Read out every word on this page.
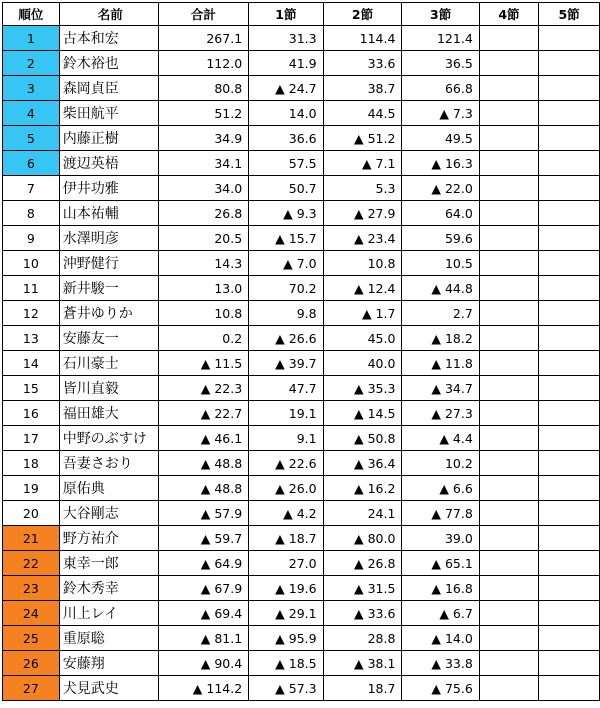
順位	名前	合計	1節	2節	3節	4節	5節
1	古本和宏	267.1	31.3	114.4	121.4		
2	鈴木裕也	112.0	41.9	33.6	36.5		
3	森岡貞臣	80.8	▲ 24.7	38.7	66.8		
4	柴田航平	51.2	14.0	44.5	▲ 7.3		
5	内藤正樹	34.9	36.6	▲ 51.2	49.5		
6	渡辺英梧	34.1	57.5	▲ 7.1	▲ 16.3		
7	伊井功雅	34.0	50.7	5.3	▲ 22.0		
8	山本祐輔	26.8	▲ 9.3	▲ 27.9	64.0		
9	水澤明彦	20.5	▲ 15.7	▲ 23.4	59.6		
10	沖野健行	14.3	▲ 7.0	10.8	10.5		
11	新井駿一	13.0	70.2	▲ 12.4	▲ 44.8		
12	蒼井ゆりか	10.8	9.8	▲ 1.7	2.7		
13	安藤友一	0.2	▲ 26.6	45.0	▲ 18.2		
14	石川豪士	▲ 11.5	▲ 39.7	40.0	▲ 11.8		
15	皆川直毅	▲ 22.3	47.7	▲ 35.3	▲ 34.7		
16	福田雄大	▲ 22.7	19.1	▲ 14.5	▲ 27.3		
17	中野のぶすけ	▲ 46.1	9.1	▲ 50.8	▲ 4.4		
18	吾妻さおり	▲ 48.8	▲ 22.6	▲ 36.4	10.2		
19	原佑典	▲ 48.8	▲ 26.0	▲ 16.2	▲ 6.6		
20	大谷剛志	▲ 57.9	▲ 4.2	24.1	▲ 77.8		
21	野方祐介	▲ 59.7	▲ 18.7	▲ 80.0	39.0		
22	東幸一郎	▲ 64.9	27.0	▲ 26.8	▲ 65.1		
23	鈴木秀幸	▲ 67.9	▲ 19.6	▲ 31.5	▲ 16.8		
24	川上レイ	▲ 69.4	▲ 29.1	▲ 33.6	▲ 6.7		
25	重原聡	▲ 81.1	▲ 95.9	28.8	▲ 14.0		
26	安藤翔	▲ 90.4	▲ 18.5	▲ 38.1	▲ 33.8		
27	犬見武史	▲ 114.2	▲ 57.3	18.7	▲ 75.6		
